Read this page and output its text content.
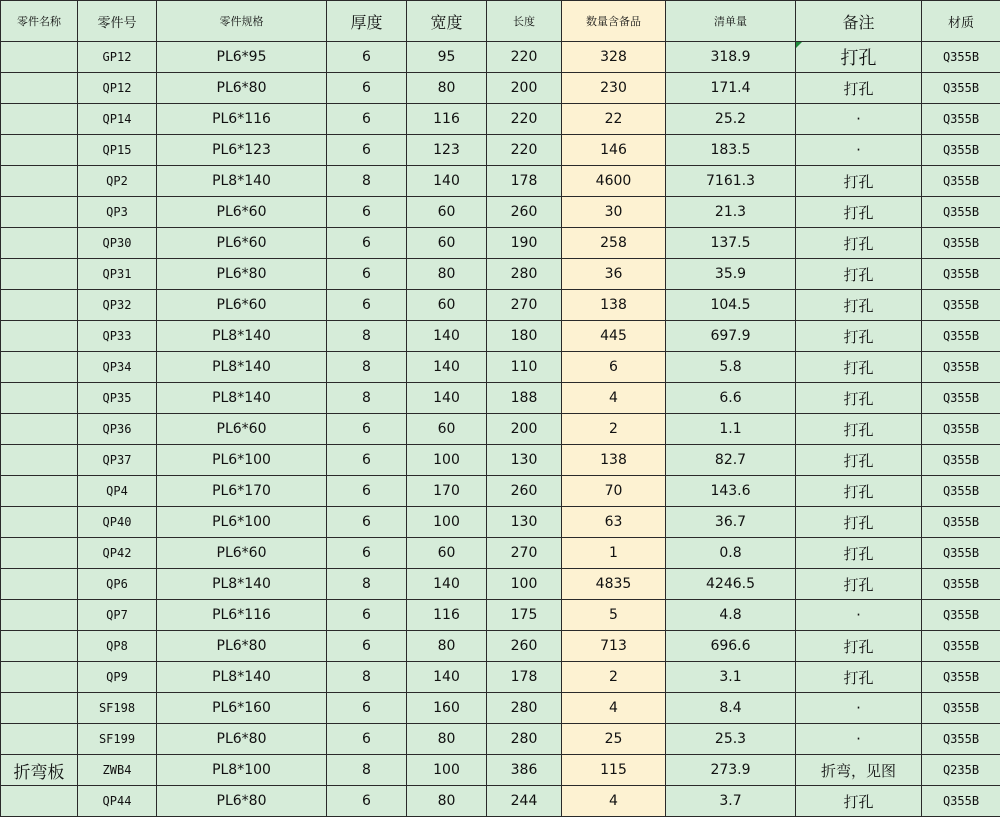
零件名称	零件号	零件规格	厚度	宽度	长度	数量含备品	清单量	备注	材质
	GP12	PL6*95	6	95	220	328	318.9	打孔	Q355B
	QP12	PL6*80	6	80	200	230	171.4	打孔	Q355B
	QP14	PL6*116	6	116	220	22	25.2	·	Q355B
	QP15	PL6*123	6	123	220	146	183.5	·	Q355B
	QP2	PL8*140	8	140	178	4600	7161.3	打孔	Q355B
	QP3	PL6*60	6	60	260	30	21.3	打孔	Q355B
	QP30	PL6*60	6	60	190	258	137.5	打孔	Q355B
	QP31	PL6*80	6	80	280	36	35.9	打孔	Q355B
	QP32	PL6*60	6	60	270	138	104.5	打孔	Q355B
	QP33	PL8*140	8	140	180	445	697.9	打孔	Q355B
	QP34	PL8*140	8	140	110	6	5.8	打孔	Q355B
	QP35	PL8*140	8	140	188	4	6.6	打孔	Q355B
	QP36	PL6*60	6	60	200	2	1.1	打孔	Q355B
	QP37	PL6*100	6	100	130	138	82.7	打孔	Q355B
	QP4	PL6*170	6	170	260	70	143.6	打孔	Q355B
	QP40	PL6*100	6	100	130	63	36.7	打孔	Q355B
	QP42	PL6*60	6	60	270	1	0.8	打孔	Q355B
	QP6	PL8*140	8	140	100	4835	4246.5	打孔	Q355B
	QP7	PL6*116	6	116	175	5	4.8	·	Q355B
	QP8	PL6*80	6	80	260	713	696.6	打孔	Q355B
	QP9	PL8*140	8	140	178	2	3.1	打孔	Q355B
	SF198	PL6*160	6	160	280	4	8.4	·	Q355B
	SF199	PL6*80	6	80	280	25	25.3	·	Q355B
折弯板	ZWB4	PL8*100	8	100	386	115	273.9	折弯，见图	Q235B
	QP44	PL6*80	6	80	244	4	3.7	打孔	Q355B
